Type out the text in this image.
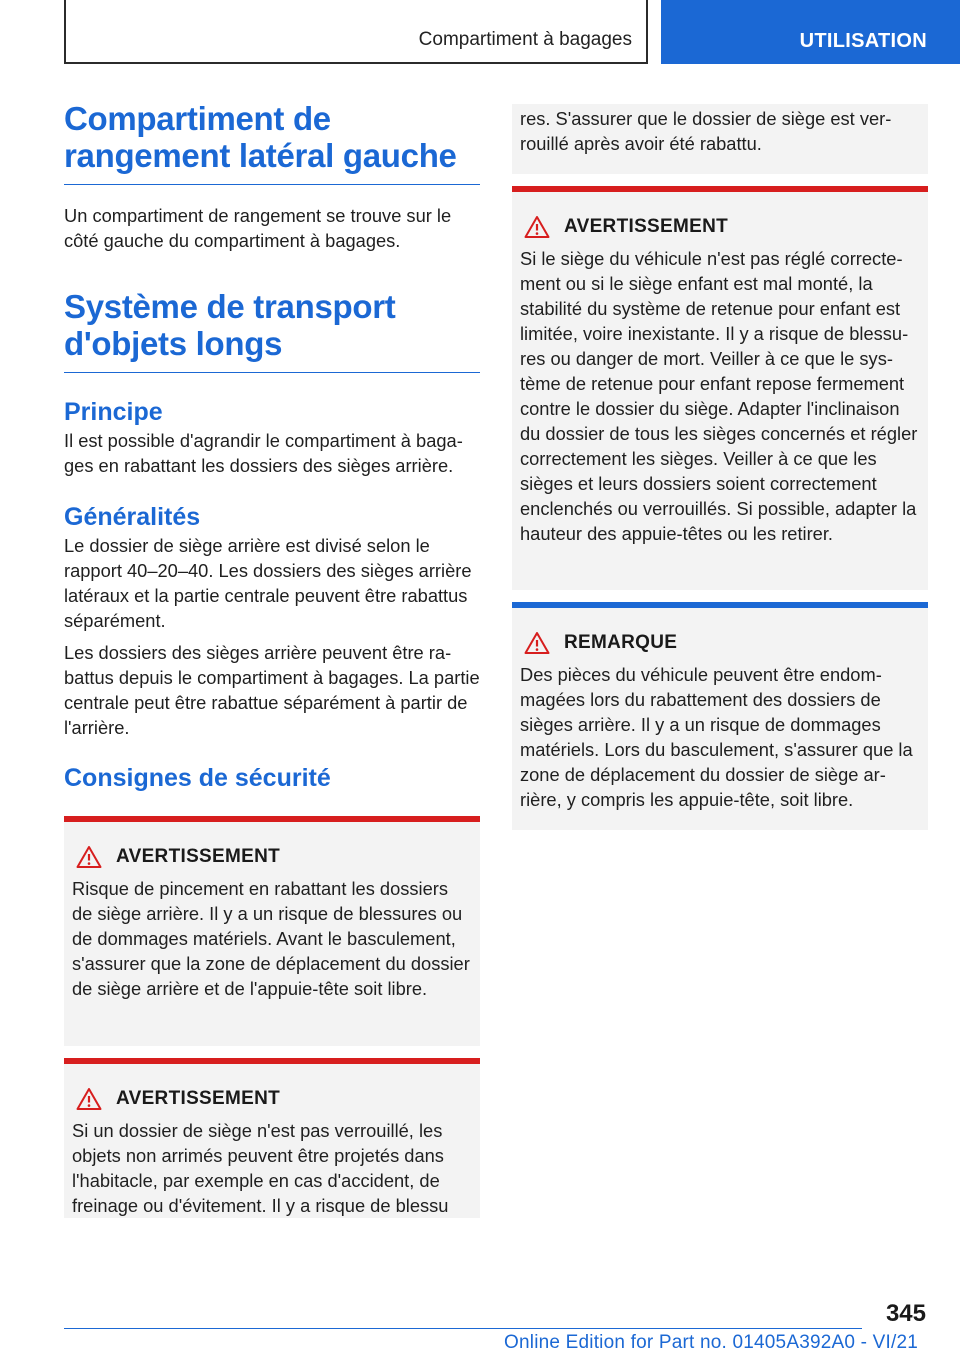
Compartiment à bagages	UTILISATION
Compartiment de rangement latéral gauche

Un compartiment de rangement se trouve sur le côté gauche du compartiment à bagages.

Système de transport d'objets longs
Principe

Il est possible d'agrandir le compartiment à bagages en rabattant les dossiers des sièges arrière.

Généralités

Le dossier de siège arrière est divisé selon le rapport 40–20–40. Les dossiers des sièges arrière latéraux et la partie centrale peuvent être rabattus séparément.

Les dossiers des sièges arrière peuvent être rabattus depuis le compartiment à bagages. La partie centrale peut être rabattue séparément à partir de l'arrière.

Consignes de sécurité
AVERTISSEMENT

Risque de pincement en rabattant les dossiers de siège arrière. Il y a un risque de blessures ou de dommages matériels. Avant le basculement, s'assurer que la zone de déplacement du dossier de siège arrière et de l'appuie-tête soit libre.

AVERTISSEMENT

Si un dossier de siège n'est pas verrouillé, les objets non arrimés peuvent être projetés dans l'habitacle, par exemple en cas d'accident, de freinage ou d'évitement. Il y a risque de blessu

res. S'assurer que le dossier de siège est verrouillé après avoir été rabattu.

AVERTISSEMENT

Si le siège du véhicule n'est pas réglé correctement ou si le siège enfant est mal monté, la stabilité du système de retenue pour enfant est limitée, voire inexistante. Il y a risque de blessures ou danger de mort. Veiller à ce que le système de retenue pour enfant repose fermement contre le dossier du siège. Adapter l'inclinaison du dossier de tous les sièges concernés et régler correctement les sièges. Veiller à ce que les sièges et leurs dossiers soient correctement enclenchés ou verrouillés. Si possible, adapter la hauteur des appuie-têtes ou les retirer.

REMARQUE

Des pièces du véhicule peuvent être endommagées lors du rabattement des dossiers de sièges arrière. Il y a un risque de dommages matériels. Lors du basculement, s'assurer que la zone de déplacement du dossier de siège arrière, y compris les appuie-tête, soit libre.

345
Online Edition for Part no. 01405A392A0 - VI/21
